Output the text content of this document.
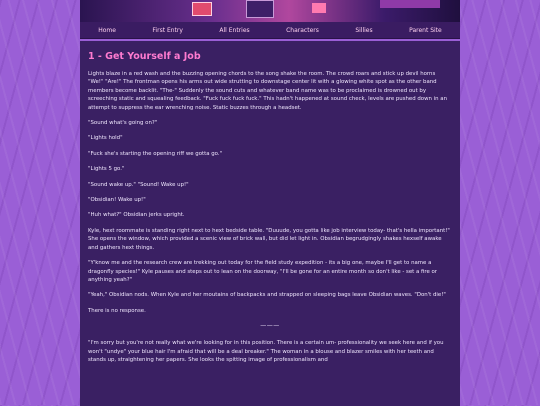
Home	First Entry	All Entries	Characters	Sillies	Parent Site
1 - Get Yourself a Job

Lights blaze in a red wash and the buzzing opening chords to the song shake the room. The crowd roars and stick up devil horns "We!" "Are!" The frontman opens his arms out wide strutting to downstage center lit with a glowing white spot as the other band members become backlit. "The-" Suddenly the sound cuts and whatever band name was to be proclaimed is drowned out by screeching static and squealing feedback. "Fuck fuck fuck fuck." This hadn't happened at sound check, levels are pushed down in an attempt to suppress the ear wrenching noise. Static buzzes through a headset.

"Sound what's going on?"

"Lights hold"

"Fuck she's starting the opening riff we gotta go."

"Lights 5 go."

"Sound wake up." "Sound! Wake up!"

"Obsidian! Wake up!"

"Huh what?" Obsidian jerks upright.

Kyle, hext roommate is standing right next to hext bedside table. "Duuude, you gotta like job interview today- that's hella important!" She opens the window, which provided a scenic view of brick wall, but did let light in. Obsidian begrudgingly shakes hexself awake and gathers hext things.

"Y'know me and the research crew are trekking out today for the field study expedition - its a big one, maybe I'll get to name a dragonfly species!" Kyle pauses and steps out to lean on the doorway, "I'll be gone for an entire month so don't like - set a fire or anything yeah?"

"Yeah," Obsidian nods. When Kyle and her moutains of backpacks and strapped on sleeping bags leave Obsidian waves. "Don't die!"

There is no response.

———

"I'm sorry but you're not really what we're looking for in this position. There is a certain um- professionality we seek here and if you won't "undye" your blue hair I'm afraid that will be a deal breaker." The woman in a blouse and blazer smiles with her teeth and stands up, straightening her papers. She looks the spitting image of professionalism and
